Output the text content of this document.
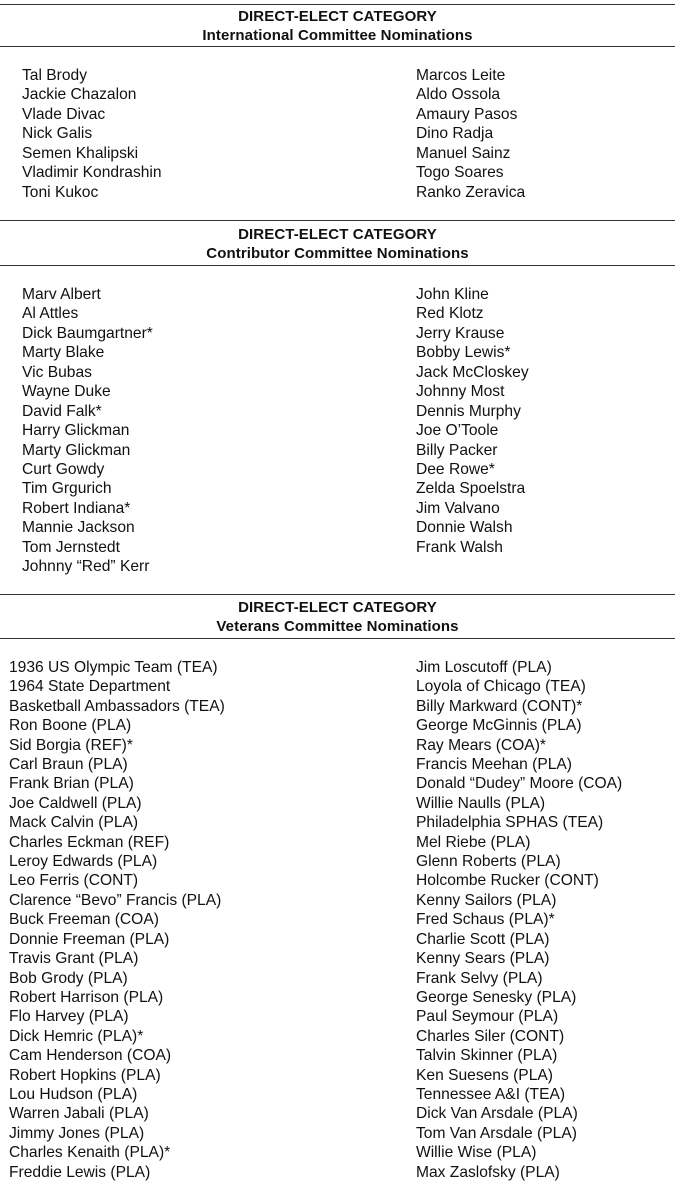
DIRECT-ELECT CATEGORY
International Committee Nominations
Tal Brody
Jackie Chazalon
Vlade Divac
Nick Galis
Semen Khalipski
Vladimir Kondrashin
Toni Kukoc
Marcos Leite
Aldo Ossola
Amaury Pasos
Dino Radja
Manuel Sainz
Togo Soares
Ranko Zeravica
DIRECT-ELECT CATEGORY
Contributor Committee Nominations
Marv Albert
Al Attles
Dick Baumgartner*
Marty Blake
Vic Bubas
Wayne Duke
David Falk*
Harry Glickman
Marty Glickman
Curt Gowdy
Tim Grgurich
Robert Indiana*
Mannie Jackson
Tom Jernstedt
Johnny “Red” Kerr
John Kline
Red Klotz
Jerry Krause
Bobby Lewis*
Jack McCloskey
Johnny Most
Dennis Murphy
Joe O’Toole
Billy Packer
Dee Rowe*
Zelda Spoelstra
Jim Valvano
Donnie Walsh
Frank Walsh
DIRECT-ELECT CATEGORY
Veterans Committee Nominations
1936 US Olympic Team (TEA)
1964 State Department
Basketball Ambassadors (TEA)
Ron Boone (PLA)
Sid Borgia (REF)*
Carl Braun (PLA)
Frank Brian (PLA)
Joe Caldwell (PLA)
Mack Calvin (PLA)
Charles Eckman (REF)
Leroy Edwards (PLA)
Leo Ferris (CONT)
Clarence “Bevo” Francis (PLA)
Buck Freeman (COA)
Donnie Freeman (PLA)
Travis Grant (PLA)
Bob Grody (PLA)
Robert Harrison (PLA)
Flo Harvey (PLA)
Dick Hemric (PLA)*
Cam Henderson (COA)
Robert Hopkins (PLA)
Lou Hudson (PLA)
Warren Jabali (PLA)
Jimmy Jones (PLA)
Charles Kenaith (PLA)*
Freddie Lewis (PLA)
Jim Loscutoff (PLA)
Loyola of Chicago (TEA)
Billy Markward (CONT)*
George McGinnis (PLA)
Ray Mears (COA)*
Francis Meehan (PLA)
Donald “Dudey” Moore (COA)
Willie Naulls (PLA)
Philadelphia SPHAS (TEA)
Mel Riebe (PLA)
Glenn Roberts (PLA)
Holcombe Rucker (CONT)
Kenny Sailors (PLA)
Fred Schaus (PLA)*
Charlie Scott (PLA)
Kenny Sears (PLA)
Frank Selvy (PLA)
George Senesky (PLA)
Paul Seymour (PLA)
Charles Siler (CONT)
Talvin Skinner (PLA)
Ken Suesens (PLA)
Tennessee A&I (TEA)
Dick Van Arsdale (PLA)
Tom Van Arsdale (PLA)
Willie Wise (PLA)
Max Zaslofsky (PLA)
